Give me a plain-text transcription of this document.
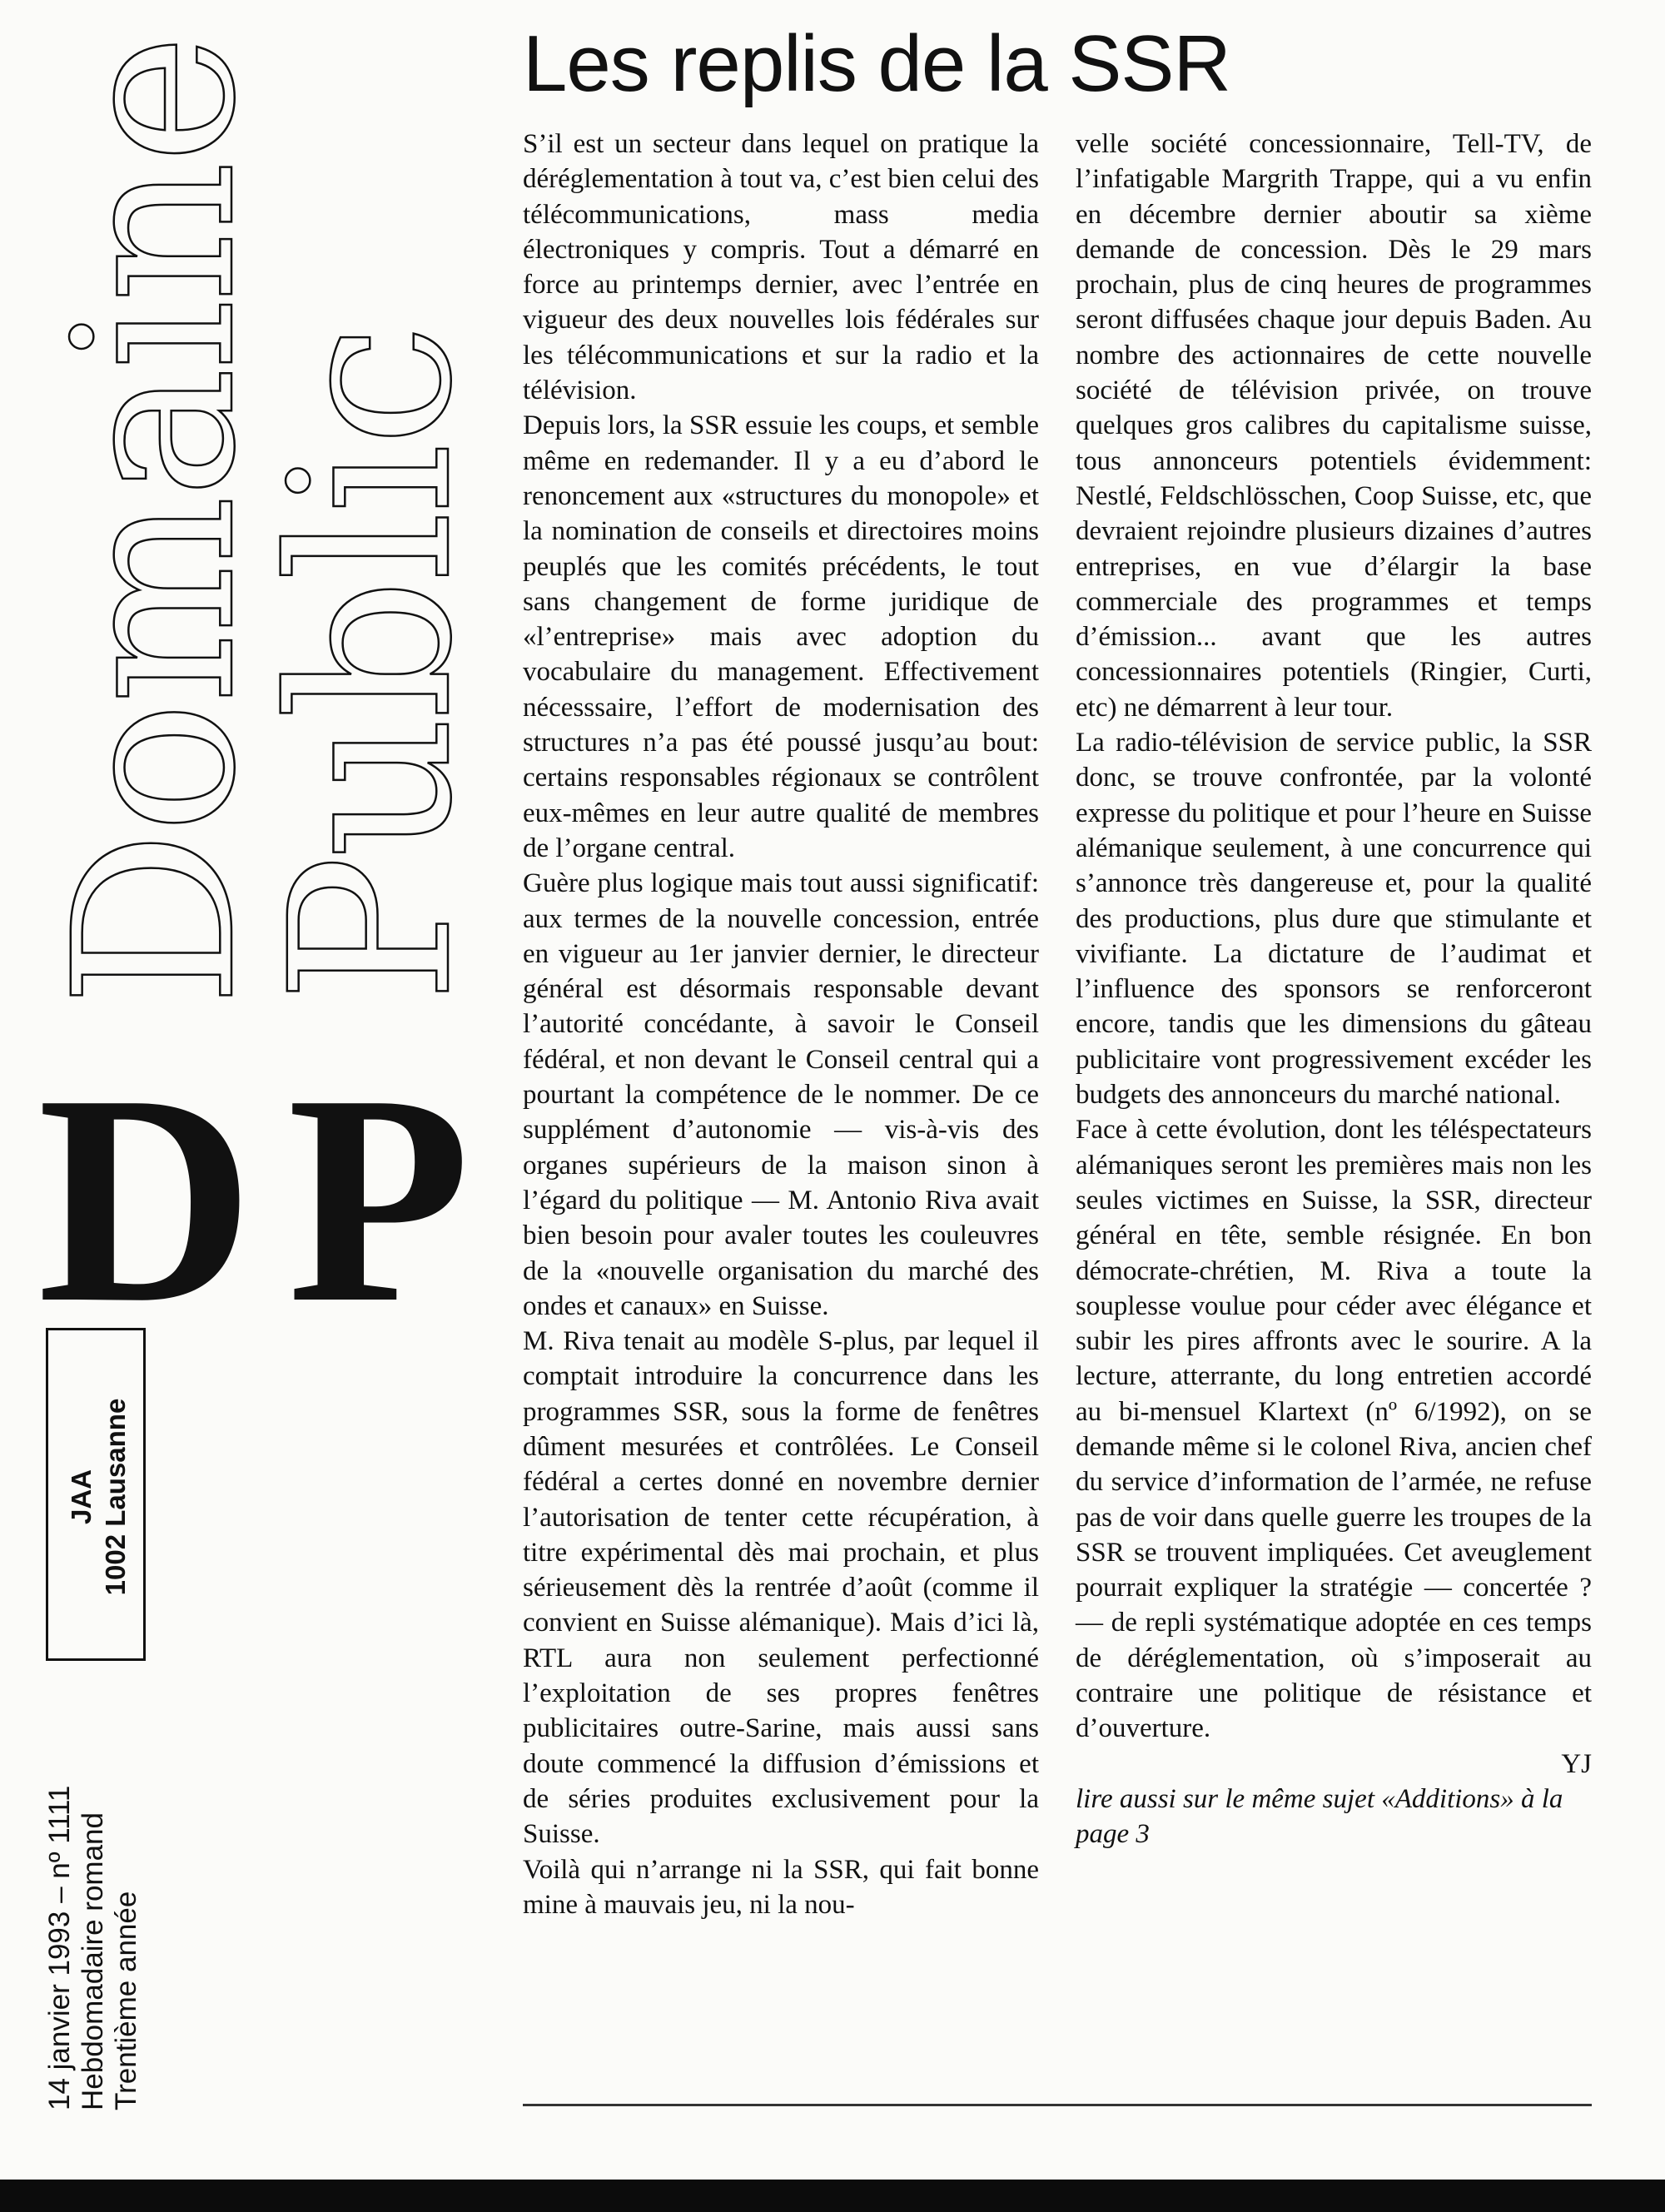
Domaine
Public
D P
JAA 1002 Lausanne
14 janvier 1993 – nº 1111 Hebdomadaire romand Trentième année
Les replis de la SSR

S’il est un secteur dans lequel on pratique la déréglementation à tout va, c’est bien celui des télécommunications, mass media électroniques y compris. Tout a démarré en force au printemps dernier, avec l’entrée en vigueur des deux nouvelles lois fédérales sur les télécommunications et sur la radio et la télévision.

Depuis lors, la SSR essuie les coups, et semble même en redemander. Il y a eu d’abord le renoncement aux «structures du monopole» et la nomination de conseils et directoires moins peuplés que les comités précédents, le tout sans changement de forme juridique de «l’entreprise» mais avec adoption du vocabulaire du management. Effectivement nécesssaire, l’effort de modernisation des structures n’a pas été poussé jusqu’au bout: certains responsables régionaux se contrôlent eux-mêmes en leur autre qualité de membres de l’organe central.

Guère plus logique mais tout aussi significatif: aux termes de la nouvelle concession, entrée en vigueur au 1er janvier dernier, le directeur général est désormais responsable devant l’autorité concédante, à savoir le Conseil fédéral, et non devant le Conseil central qui a pourtant la compétence de le nommer. De ce supplément d’autonomie — vis-à-vis des organes supérieurs de la maison sinon à l’égard du politique — M. Antonio Riva avait bien besoin pour avaler toutes les couleuvres de la «nouvelle organisation du marché des ondes et canaux» en Suisse.

M. Riva tenait au modèle S-plus, par lequel il comptait introduire la concurrence dans les programmes SSR, sous la forme de fenêtres dûment mesurées et contrôlées. Le Conseil fédéral a certes donné en novembre dernier l’autorisation de tenter cette récupération, à titre expérimental dès mai prochain, et plus sérieusement dès la rentrée d’août (comme il convient en Suisse alémanique). Mais d’ici là, RTL aura non seulement perfectionné l’exploitation de ses propres fenêtres publicitaires outre-Sarine, mais aussi sans doute commencé la diffusion d’émissions et de séries produites exclusivement pour la Suisse.

Voilà qui n’arrange ni la SSR, qui fait bonne mine à mauvais jeu, ni la nou-

velle société concessionnaire, Tell-TV, de l’infatigable Margrith Trappe, qui a vu enfin en décembre dernier aboutir sa xième demande de concession. Dès le 29 mars prochain, plus de cinq heures de programmes seront diffusées chaque jour depuis Baden. Au nombre des actionnaires de cette nouvelle société de télévision privée, on trouve quelques gros calibres du capitalisme suisse, tous annonceurs potentiels évidemment: Nestlé, Feldschlösschen, Coop Suisse, etc, que devraient rejoindre plusieurs dizaines d’autres entreprises, en vue d’élargir la base commerciale des programmes et temps d’émission... avant que les autres concessionnaires potentiels (Ringier, Curti, etc) ne démarrent à leur tour.

La radio-télévision de service public, la SSR donc, se trouve confrontée, par la volonté expresse du politique et pour l’heure en Suisse alémanique seulement, à une concurrence qui s’annonce très dangereuse et, pour la qualité des productions, plus dure que stimulante et vivifiante. La dictature de l’audimat et l’influence des sponsors se renforceront encore, tandis que les dimensions du gâteau publicitaire vont progressivement excéder les budgets des annonceurs du marché national.

Face à cette évolution, dont les téléspectateurs alémaniques seront les premières mais non les seules victimes en Suisse, la SSR, directeur général en tête, semble résignée. En bon démocrate-chrétien, M. Riva a toute la souplesse voulue pour céder avec élégance et subir les pires affronts avec le sourire. A la lecture, atterrante, du long entretien accordé au bi-mensuel Klartext (nº 6/1992), on se demande même si le colonel Riva, ancien chef du service d’information de l’armée, ne refuse pas de voir dans quelle guerre les troupes de la SSR se trouvent impliquées. Cet aveuglement pourrait expliquer la stratégie — concertée ? — de repli systématique adoptée en ces temps de déréglementation, où s’imposerait au contraire une politique de résistance et d’ouverture.

YJ

lire aussi sur le même sujet «Additions» à la page 3
